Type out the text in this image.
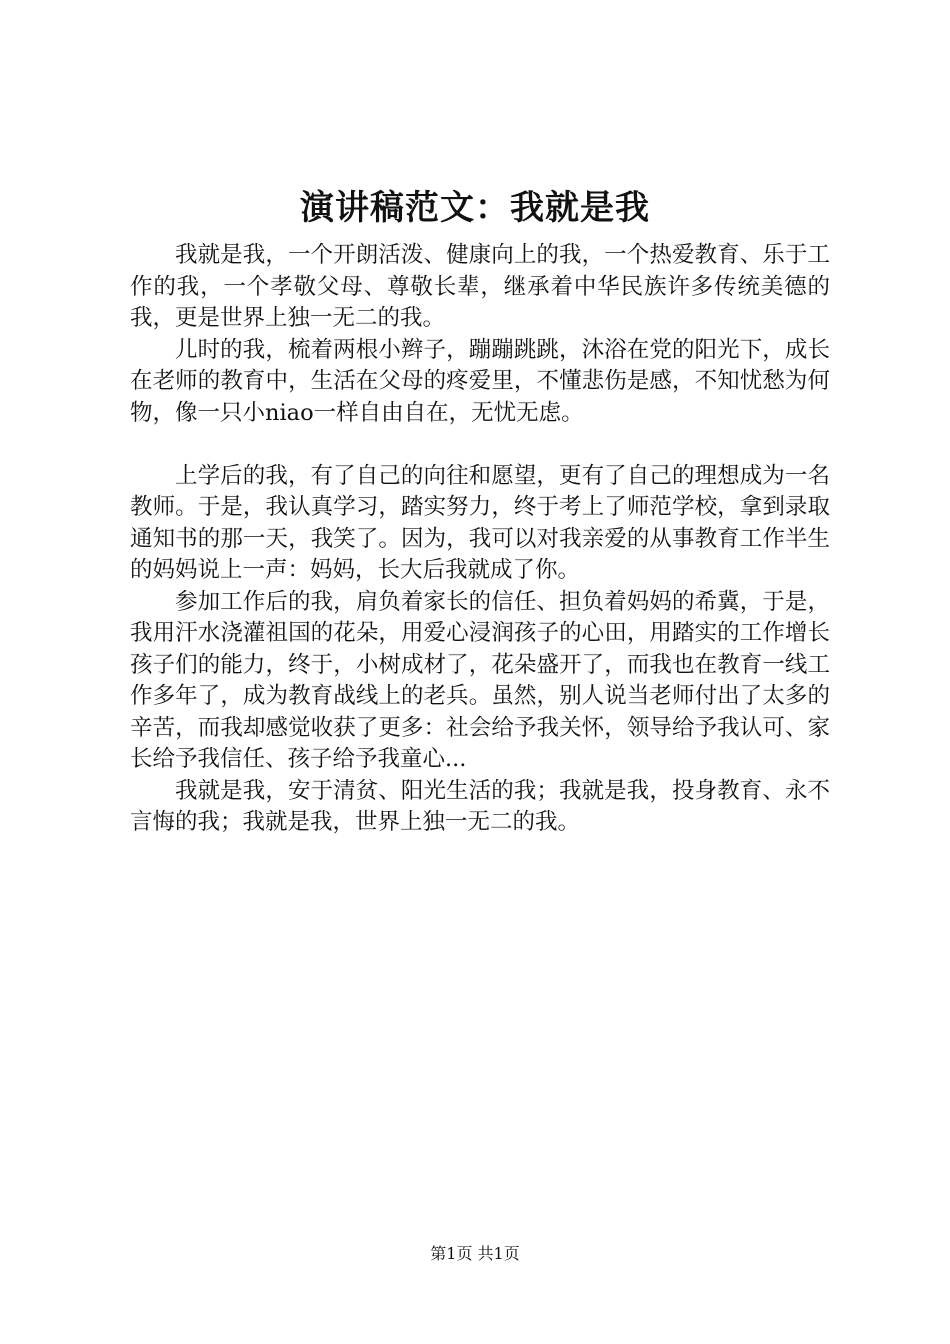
演讲稿范文：我就是我

我就是我，一个开朗活泼、健康向上的我，一个热爱教育、乐于工作的我，一个孝敬父母、尊敬长辈，继承着中华民族许多传统美德的我，更是世界上独一无二的我。

儿时的我，梳着两根小辫子，蹦蹦跳跳，沐浴在党的阳光下，成长在老师的教育中，生活在父母的疼爱里，不懂悲伤是感，不知忧愁为何物，像一只小niao一样自由自在，无忧无虑。

上学后的我，有了自己的向往和愿望，更有了自己的理想成为一名教师。于是，我认真学习，踏实努力，终于考上了师范学校，拿到录取通知书的那一天，我笑了。因为，我可以对我亲爱的从事教育工作半生的妈妈说上一声：妈妈，长大后我就成了你。

参加工作后的我，肩负着家长的信任、担负着妈妈的希冀，于是，我用汗水浇灌祖国的花朵，用爱心浸润孩子的心田，用踏实的工作增长孩子们的能力，终于，小树成材了，花朵盛开了，而我也在教育一线工作多年了，成为教育战线上的老兵。虽然，别人说当老师付出了太多的辛苦，而我却感觉收获了更多：社会给予我关怀，领导给予我认可、家长给予我信任、孩子给予我童心...

我就是我，安于清贫、阳光生活的我；我就是我，投身教育、永不言悔的我；我就是我，世界上独一无二的我。

第1页 共1页
